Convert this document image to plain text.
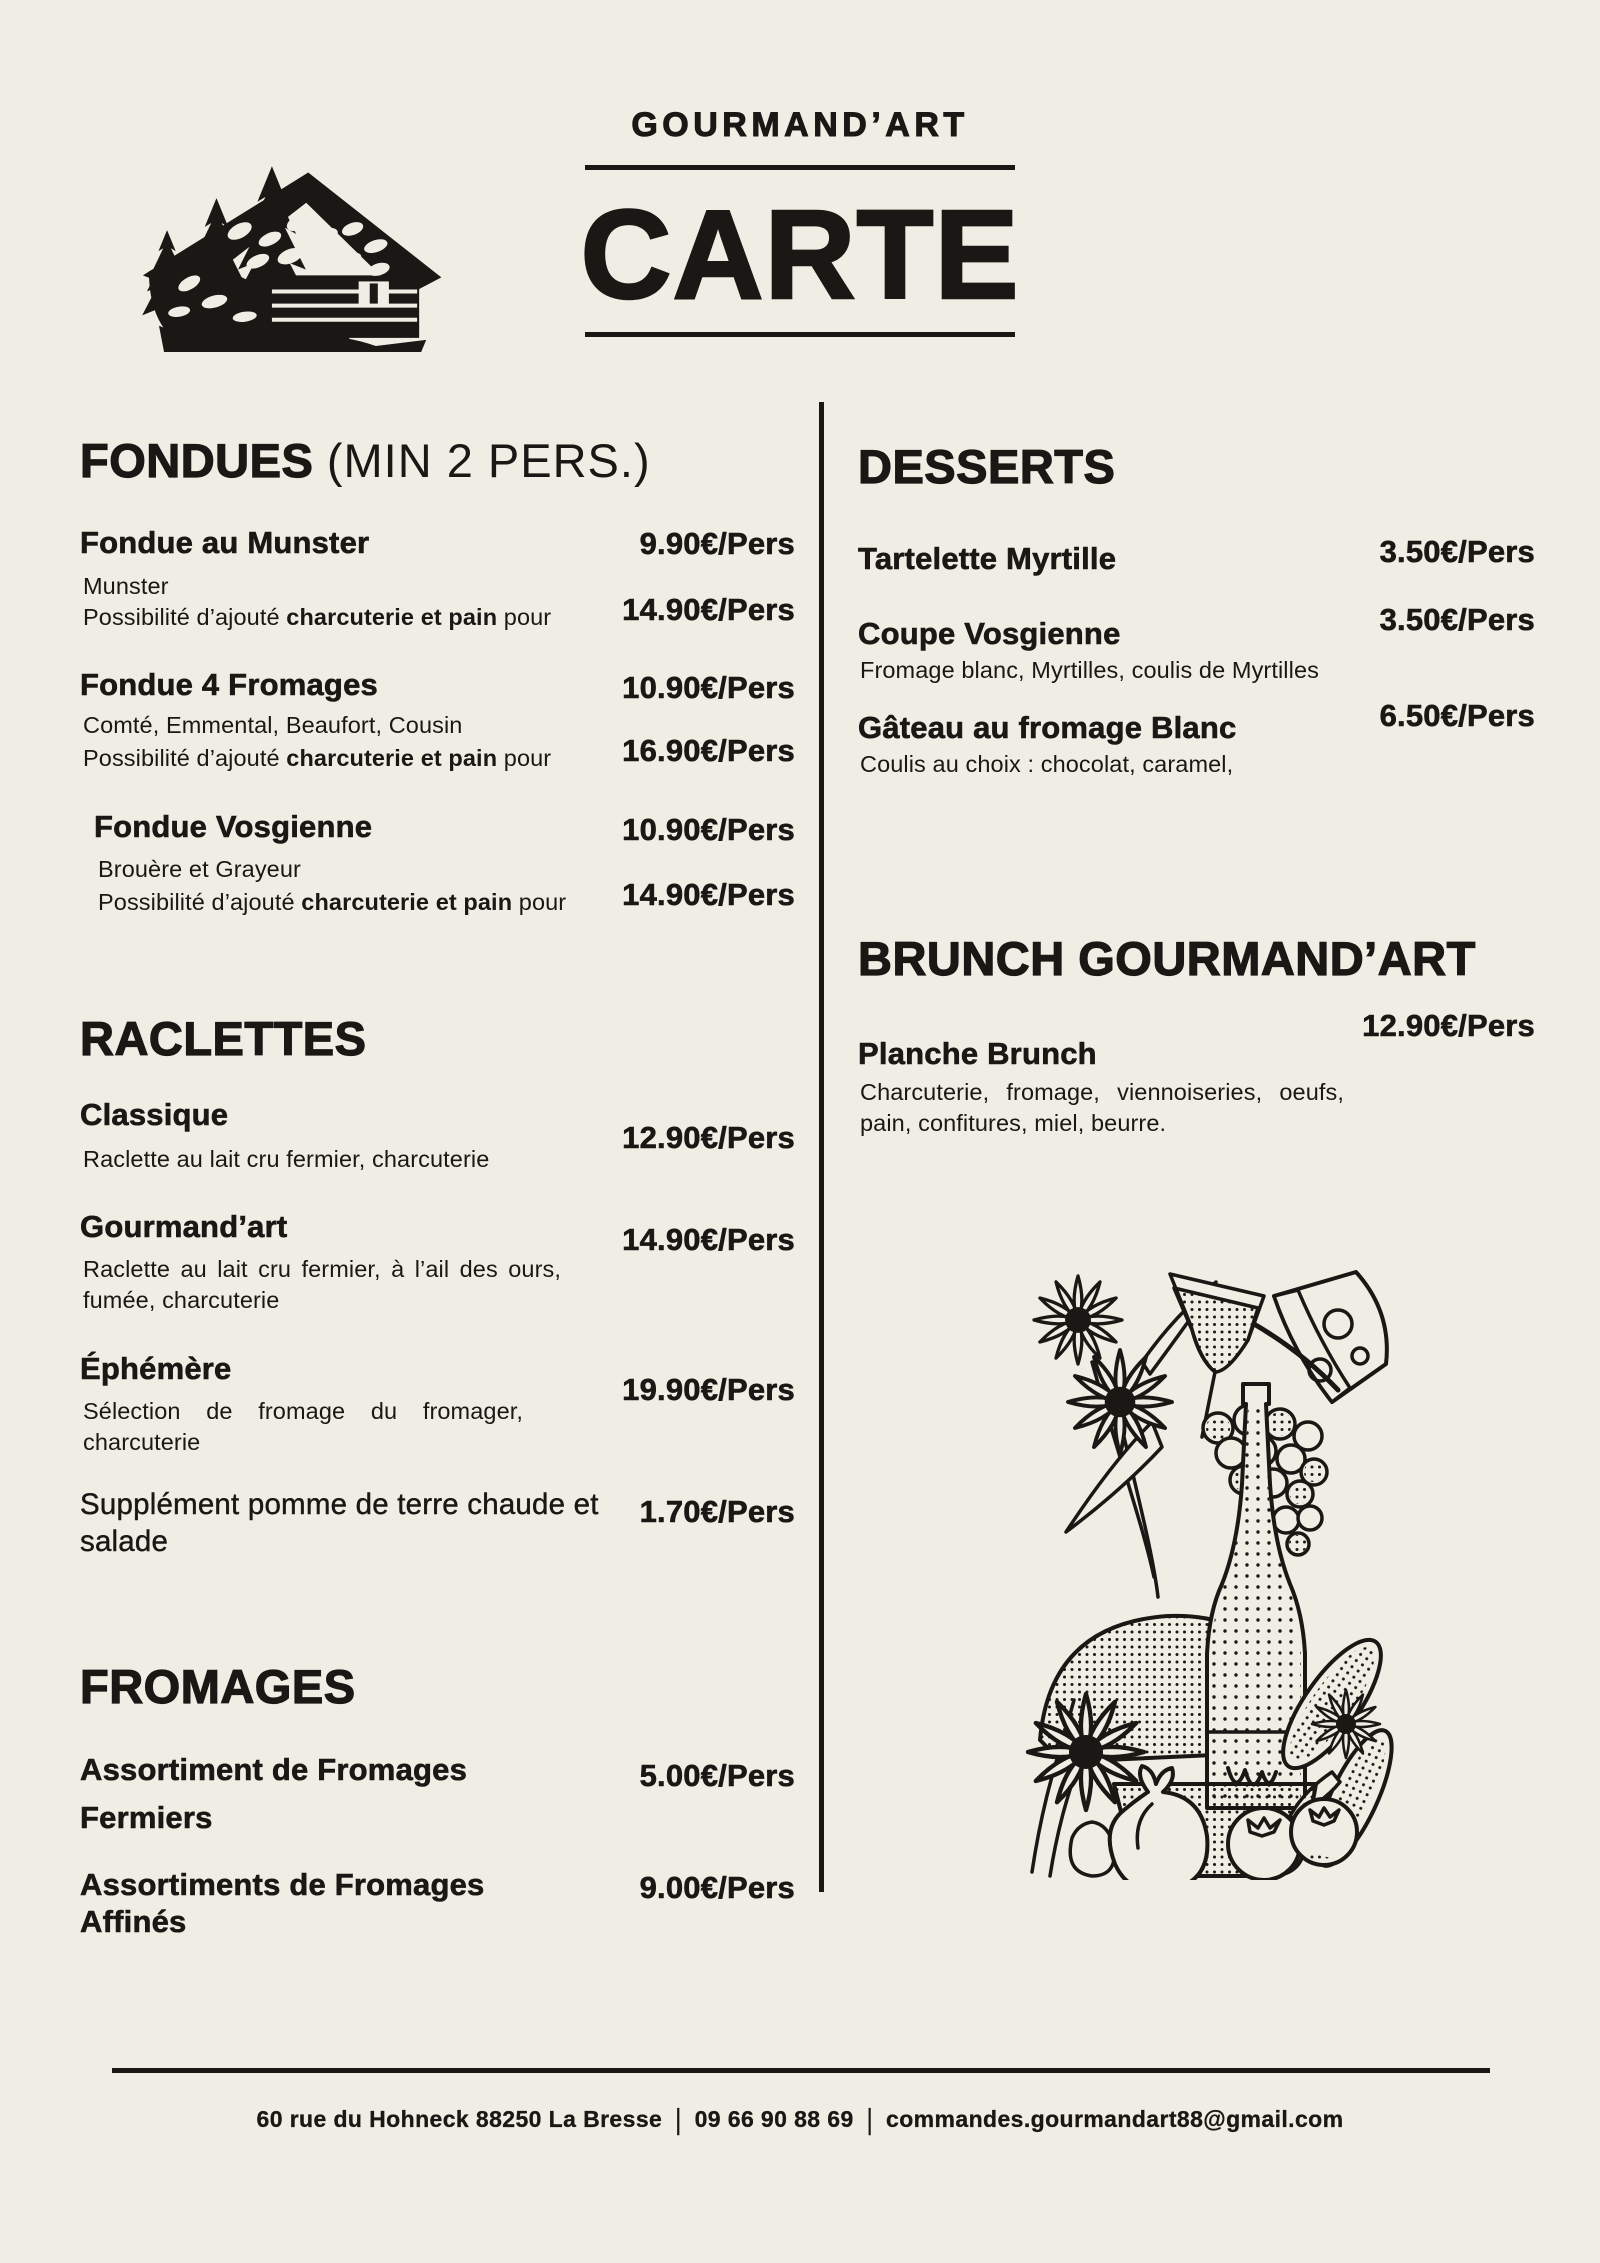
GOURMAND’ART
CARTE
FONDUES (MIN 2 PERS.)
Fondue au Munster	9.90€/Pers
Munster
Possibilité d’ajouté charcuterie et pain pour 14.90€/Pers
Fondue 4 Fromages	10.90€/Pers
Comté, Emmental, Beaufort, Cousin
Possibilité d’ajouté charcuterie et pain pour 16.90€/Pers
Fondue Vosgienne	10.90€/Pers
Brouère et Grayeur
Possibilité d’ajouté charcuterie et pain pour 14.90€/Pers
RACLETTES
Classique
12.90€/Pers
Raclette au lait cru fermier, charcuterie
Gourmand’art	14.90€/Pers
Raclette au lait cru fermier, à l’ail des ours, fumée, charcuterie
Éphémère
19.90€/Pers
Sélection de fromage du fromager, charcuterie
Supplément pomme de terre chaude et salade
1.70€/Pers
FROMAGES
Assortiment de Fromages Fermiers
5.00€/Pers
Assortiments de Fromages Affinés
9.00€/Pers
DESSERTS
Tartelette Myrtille	3.50€/Pers
Coupe Vosgienne	3.50€/Pers
Fromage blanc, Myrtilles, coulis de Myrtilles
Gâteau au fromage Blanc	6.50€/Pers
Coulis au choix : chocolat, caramel,
BRUNCH GOURMAND’ART
Planche Brunch
12.90€/Pers
Charcuterie, fromage, viennoiseries, oeufs, pain, confitures, miel, beurre.
60 rue du Hohneck 88250 La Bresse | 09 66 90 88 69 | commandes.gourmandart88@gmail.com
